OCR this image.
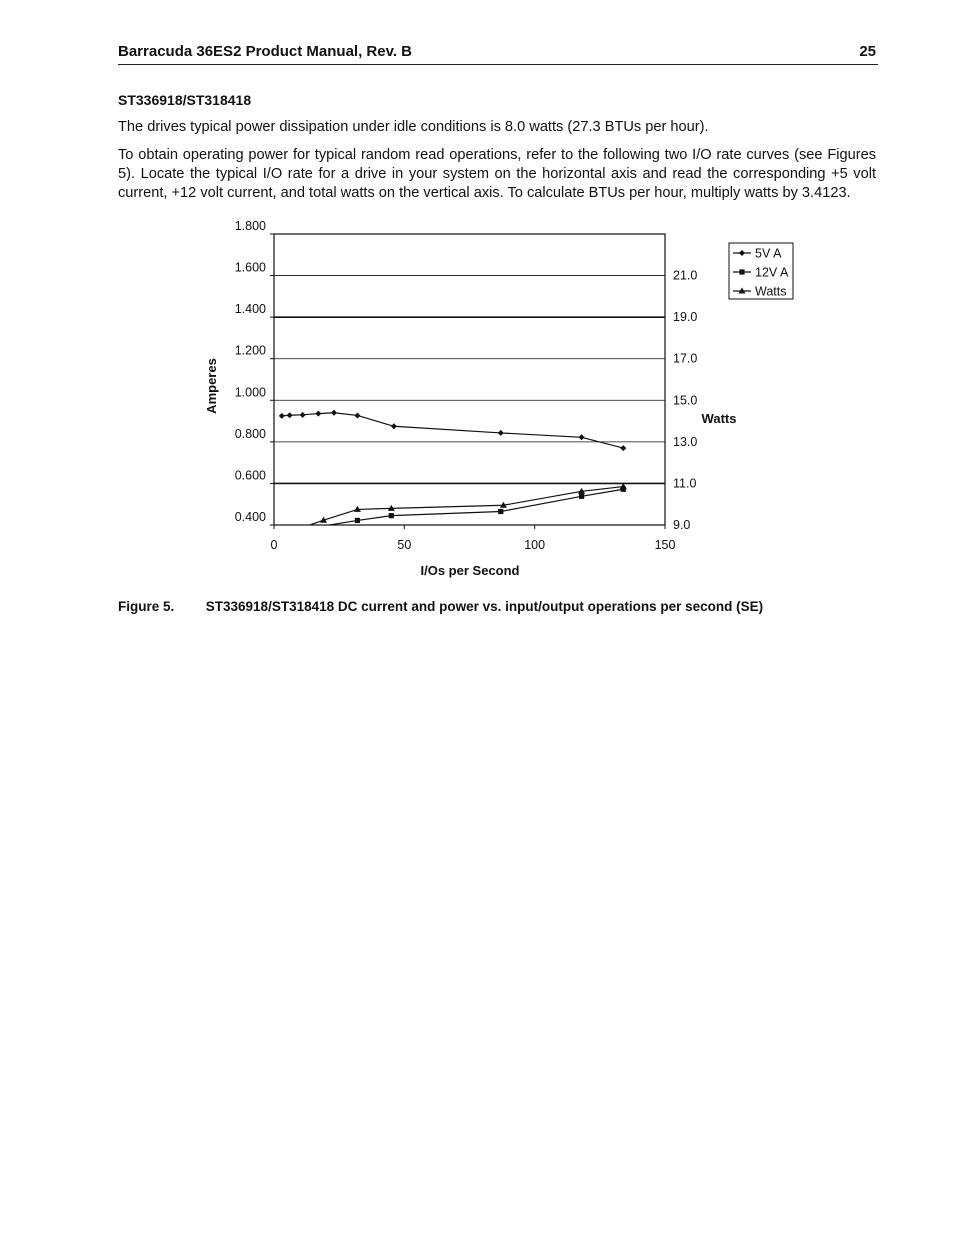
Barracuda 36ES2 Product Manual, Rev. B	25
ST336918/ST318418
The drives typical power dissipation under idle conditions is 8.0 watts (27.3 BTUs per hour).
To obtain operating power for typical random read operations, refer to the following two I/O rate curves (see Figures 5). Locate the typical I/O rate for a drive in your system on the horizontal axis and read the corresponding +5 volt current, +12 volt current, and total watts on the vertical axis. To calculate BTUs per hour, multiply watts by 3.4123.
0.400
0.600
0.800
1.000
1.200
1.400
1.600
1.800
9.0
11.0
13.0
15.0
17.0
19.0
21.0
0	50	100	150
I/Os per Second
Amperes
Watts
5V A
12V A
Watts
Figure 5. ST336918/ST318418 DC current and power vs. input/output operations per second (SE)
